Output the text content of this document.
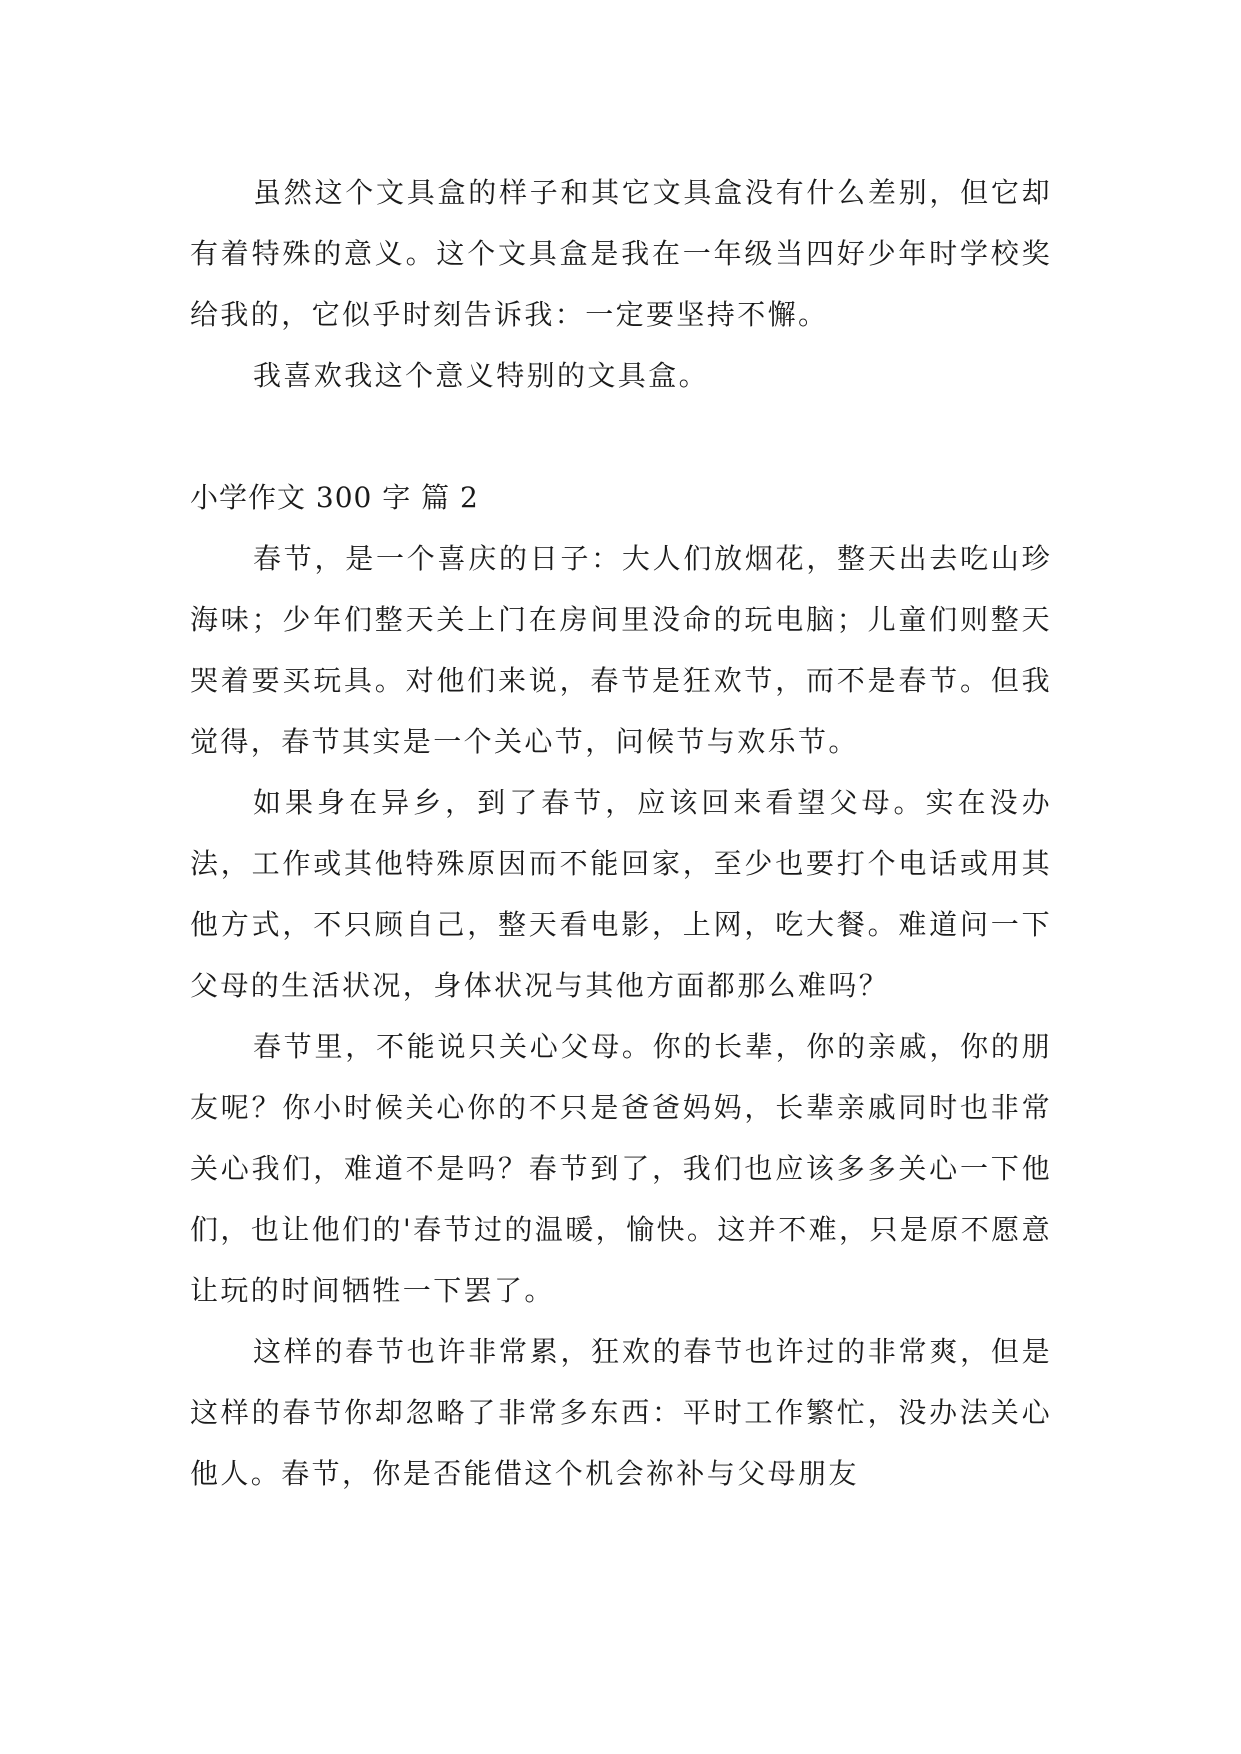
虽然这个文具盒的样子和其它文具盒没有什么差别，但它却有着特殊的意义。这个文具盒是我在一年级当四好少年时学校奖给我的，它似乎时刻告诉我：一定要坚持不懈。

我喜欢我这个意义特别的文具盒。

小学作文 300 字 篇 2

春节，是一个喜庆的日子：大人们放烟花，整天出去吃山珍海味；少年们整天关上门在房间里没命的玩电脑；儿童们则整天哭着要买玩具。对他们来说，春节是狂欢节，而不是春节。但我觉得，春节其实是一个关心节，问候节与欢乐节。

如果身在异乡，到了春节，应该回来看望父母。实在没办法，工作或其他特殊原因而不能回家，至少也要打个电话或用其他方式，不只顾自己，整天看电影，上网，吃大餐。难道问一下父母的生活状况，身体状况与其他方面都那么难吗？

春节里，不能说只关心父母。你的长辈，你的亲戚，你的朋友呢？你小时候关心你的不只是爸爸妈妈，长辈亲戚同时也非常关心我们，难道不是吗？春节到了，我们也应该多多关心一下他们，也让他们的'春节过的温暖，愉快。这并不难，只是原不愿意让玩的时间牺牲一下罢了。

这样的春节也许非常累，狂欢的春节也许过的非常爽，但是这样的春节你却忽略了非常多东西：平时工作繁忙，没办法关心他人。春节，你是否能借这个机会祢补与父母朋友
